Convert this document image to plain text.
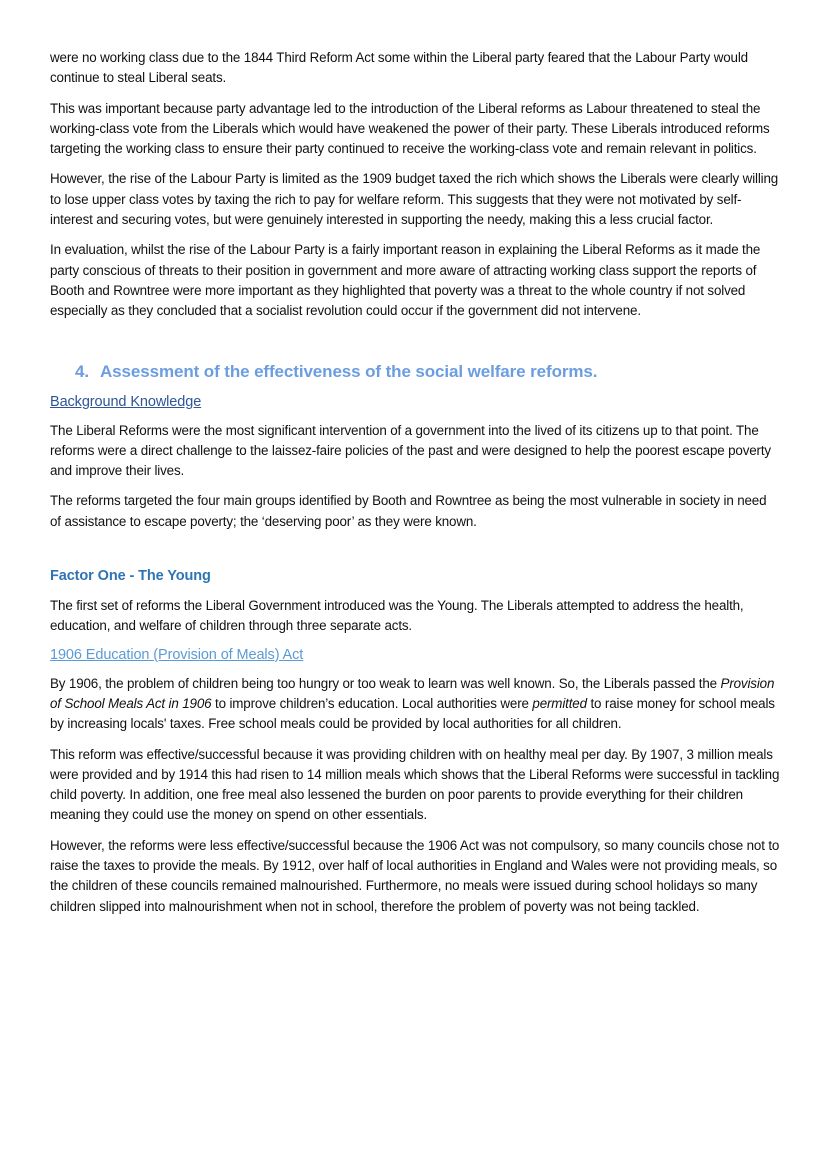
were no working class due to the 1844 Third Reform Act some within the Liberal party feared that the Labour Party would continue to steal Liberal seats.

This was important because party advantage led to the introduction of the Liberal reforms as Labour threatened to steal the working-class vote from the Liberals which would have weakened the power of their party. These Liberals introduced reforms targeting the working class to ensure their party continued to receive the working-class vote and remain relevant in politics.

However, the rise of the Labour Party is limited as the 1909 budget taxed the rich which shows the Liberals were clearly willing to lose upper class votes by taxing the rich to pay for welfare reform. This suggests that they were not motivated by self-interest and securing votes, but were genuinely interested in supporting the needy, making this a less crucial factor.

In evaluation, whilst the rise of the Labour Party is a fairly important reason in explaining the Liberal Reforms as it made the party conscious of threats to their position in government and more aware of attracting working class support the reports of Booth and Rowntree were more important as they highlighted that poverty was a threat to the whole country if not solved especially as they concluded that a socialist revolution could occur if the government did not intervene.

4. Assessment of the effectiveness of the social welfare reforms.
Background Knowledge

The Liberal Reforms were the most significant intervention of a government into the lived of its citizens up to that point. The reforms were a direct challenge to the laissez-faire policies of the past and were designed to help the poorest escape poverty and improve their lives.

The reforms targeted the four main groups identified by Booth and Rowntree as being the most vulnerable in society in need of assistance to escape poverty; the ‘deserving poor’ as they were known.

Factor One - The Young

The first set of reforms the Liberal Government introduced was the Young. The Liberals attempted to address the health, education, and welfare of children through three separate acts.

1906 Education (Provision of Meals) Act

By 1906, the problem of children being too hungry or too weak to learn was well known. So, the Liberals passed the Provision of School Meals Act in 1906 to improve children’s education. Local authorities were permitted to raise money for school meals by increasing locals' taxes. Free school meals could be provided by local authorities for all children.

This reform was effective/successful because it was providing children with on healthy meal per day. By 1907, 3 million meals were provided and by 1914 this had risen to 14 million meals which shows that the Liberal Reforms were successful in tackling child poverty. In addition, one free meal also lessened the burden on poor parents to provide everything for their children meaning they could use the money on spend on other essentials.

However, the reforms were less effective/successful because the 1906 Act was not compulsory, so many councils chose not to raise the taxes to provide the meals. By 1912, over half of local authorities in England and Wales were not providing meals, so the children of these councils remained malnourished. Furthermore, no meals were issued during school holidays so many children slipped into malnourishment when not in school, therefore the problem of poverty was not being tackled.
